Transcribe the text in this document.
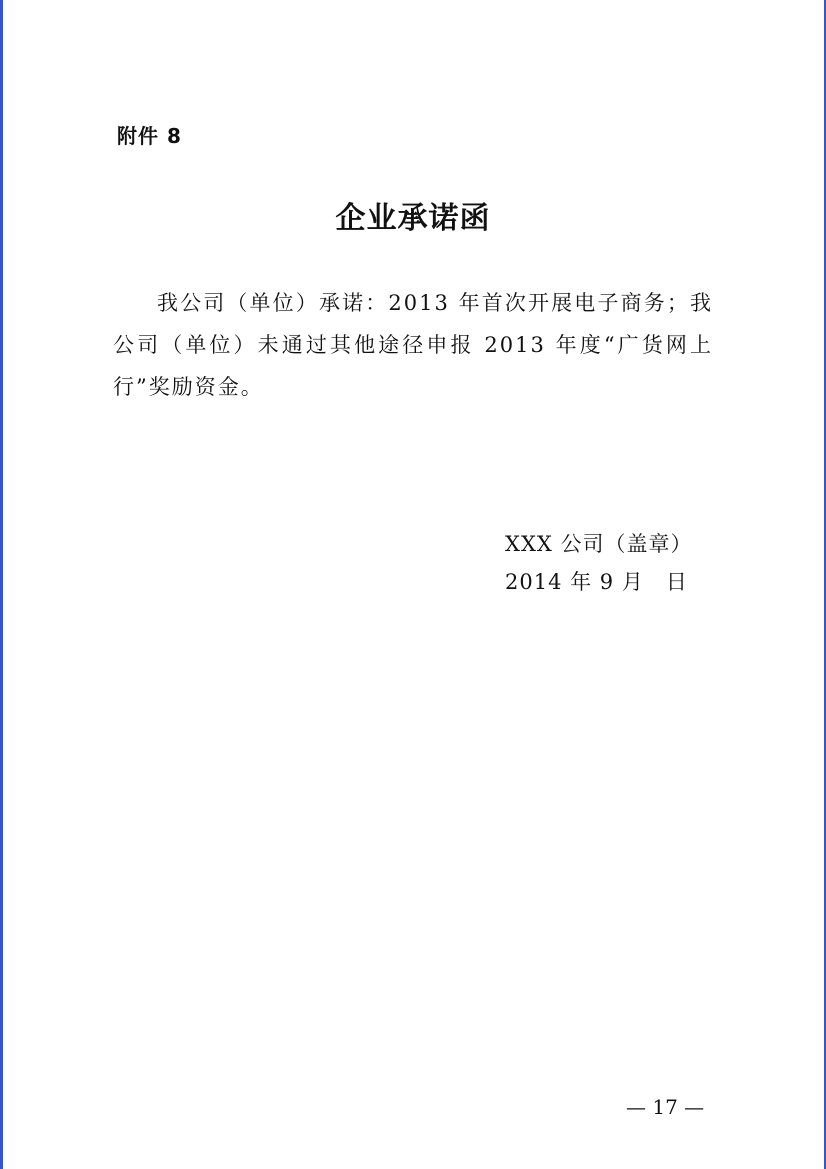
附件 8
企业承诺函

我公司（单位）承诺：2013 年首次开展电子商务；我公司（单位）未通过其他途径申报 2013 年度“广货网上行”奖励资金。

XXX 公司（盖章）
2014 年 9 月　日
— 17 —
